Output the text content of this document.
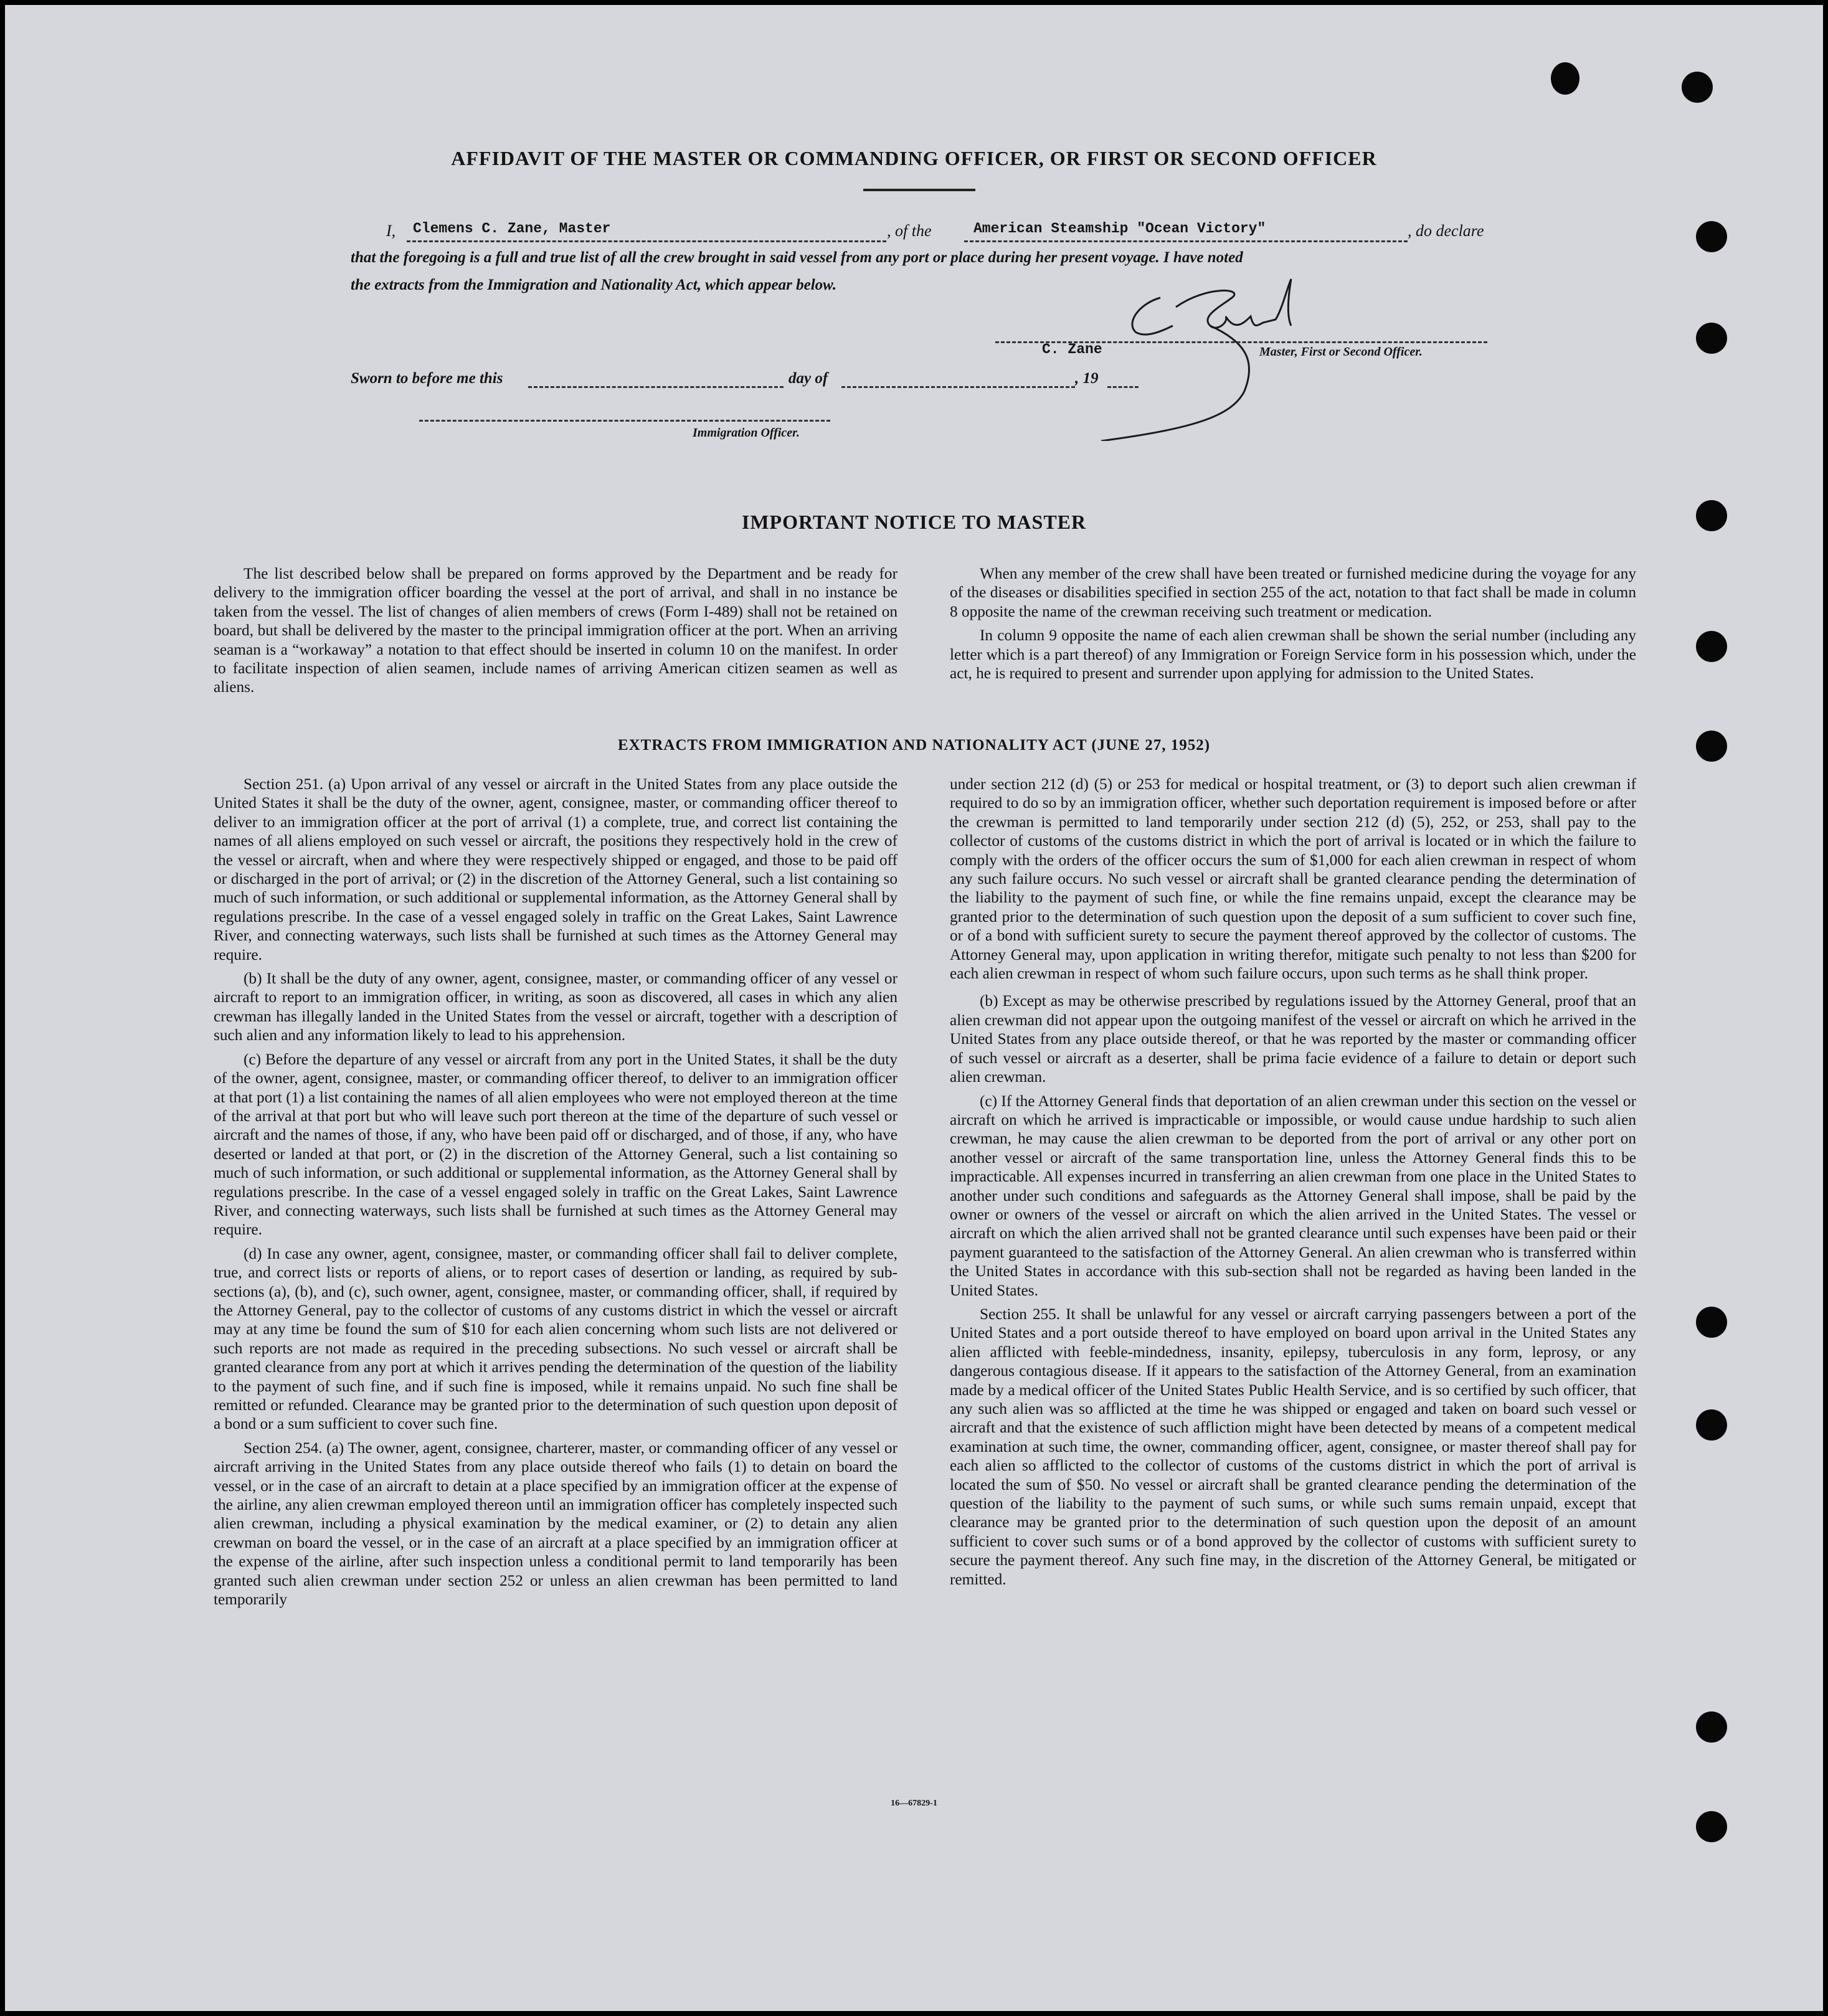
AFFIDAVIT OF THE MASTER OR COMMANDING OFFICER, OR FIRST OR SECOND OFFICER
I, Clemens C. Zane, Master	, of the	American Steamship "Ocean Victory"	, do declare
that the foregoing is a full and true list of all the crew brought in said vessel from any port or place during her present voyage. I have noted
the extracts from the Immigration and Nationality Act, which appear below.
C. Zane	Master, First or Second Officer.
Sworn to before me this	day of	, 19
Immigration Officer.
IMPORTANT NOTICE TO MASTER

The list described below shall be prepared on forms approved by the Department and be ready for delivery to the immigration officer boarding the vessel at the port of arrival, and shall in no instance be taken from the vessel. The list of changes of alien members of crews (Form I-489) shall not be retained on board, but shall be delivered by the master to the principal immigration officer at the port. When an arriving seaman is a “workaway” a notation to that effect should be inserted in column 10 on the manifest. In order to facilitate inspection of alien seamen, include names of arriving American citizen seamen as well as aliens.

When any member of the crew shall have been treated or furnished medicine during the voyage for any of the diseases or disabilities specified in section 255 of the act, notation to that fact shall be made in column 8 opposite the name of the crewman receiving such treatment or medication.

In column 9 opposite the name of each alien crewman shall be shown the serial number (including any letter which is a part thereof) of any Immigration or Foreign Service form in his possession which, under the act, he is required to present and surrender upon applying for admission to the United States.

EXTRACTS FROM IMMIGRATION AND NATIONALITY ACT (JUNE 27, 1952)

Section 251. (a) Upon arrival of any vessel or aircraft in the United States from any place outside the United States it shall be the duty of the owner, agent, consignee, master, or commanding officer thereof to deliver to an immigration officer at the port of arrival (1) a complete, true, and correct list containing the names of all aliens employed on such vessel or aircraft, the positions they respectively hold in the crew of the vessel or aircraft, when and where they were respectively shipped or engaged, and those to be paid off or discharged in the port of arrival; or (2) in the discretion of the Attorney General, such a list containing so much of such information, or such additional or supplemental information, as the Attorney General shall by regulations prescribe. In the case of a vessel engaged solely in traffic on the Great Lakes, Saint Lawrence River, and connecting waterways, such lists shall be furnished at such times as the Attorney General may require.

(b) It shall be the duty of any owner, agent, consignee, master, or commanding officer of any vessel or aircraft to report to an immigration officer, in writing, as soon as discovered, all cases in which any alien crewman has illegally landed in the United States from the vessel or aircraft, together with a description of such alien and any information likely to lead to his apprehension.

(c) Before the departure of any vessel or aircraft from any port in the United States, it shall be the duty of the owner, agent, consignee, master, or commanding officer thereof, to deliver to an immigration officer at that port (1) a list containing the names of all alien employees who were not employed thereon at the time of the arrival at that port but who will leave such port thereon at the time of the departure of such vessel or aircraft and the names of those, if any, who have been paid off or discharged, and of those, if any, who have deserted or landed at that port, or (2) in the discretion of the Attorney General, such a list containing so much of such information, or such additional or supplemental information, as the Attorney General shall by regulations prescribe. In the case of a vessel engaged solely in traffic on the Great Lakes, Saint Lawrence River, and connecting waterways, such lists shall be furnished at such times as the Attorney General may require.

(d) In case any owner, agent, consignee, master, or commanding officer shall fail to deliver complete, true, and correct lists or reports of aliens, or to report cases of desertion or landing, as required by sub-sections (a), (b), and (c), such owner, agent, consignee, master, or commanding officer, shall, if required by the Attorney General, pay to the collector of customs of any customs district in which the vessel or aircraft may at any time be found the sum of $10 for each alien concerning whom such lists are not delivered or such reports are not made as required in the preceding subsections. No such vessel or aircraft shall be granted clearance from any port at which it arrives pending the determination of the question of the liability to the payment of such fine, and if such fine is imposed, while it remains unpaid. No such fine shall be remitted or refunded. Clearance may be granted prior to the determination of such question upon deposit of a bond or a sum sufficient to cover such fine.

Section 254. (a) The owner, agent, consignee, charterer, master, or commanding officer of any vessel or aircraft arriving in the United States from any place outside thereof who fails (1) to detain on board the vessel, or in the case of an aircraft to detain at a place specified by an immigration officer at the expense of the airline, any alien crewman employed thereon until an immigration officer has completely inspected such alien crewman, including a physical examination by the medical examiner, or (2) to detain any alien crewman on board the vessel, or in the case of an aircraft at a place specified by an immigration officer at the expense of the airline, after such inspection unless a conditional permit to land temporarily has been granted such alien crewman under section 252 or unless an alien crewman has been permitted to land temporarily

under section 212 (d) (5) or 253 for medical or hospital treatment, or (3) to deport such alien crewman if required to do so by an immigration officer, whether such deportation requirement is imposed before or after the crewman is permitted to land temporarily under section 212 (d) (5), 252, or 253, shall pay to the collector of customs of the customs district in which the port of arrival is located or in which the failure to comply with the orders of the officer occurs the sum of $1,000 for each alien crewman in respect of whom any such failure occurs. No such vessel or aircraft shall be granted clearance pending the determination of the liability to the payment of such fine, or while the fine remains unpaid, except the clearance may be granted prior to the determination of such question upon the deposit of a sum sufficient to cover such fine, or of a bond with sufficient surety to secure the payment thereof approved by the collector of customs. The Attorney General may, upon application in writing therefor, mitigate such penalty to not less than $200 for each alien crewman in respect of whom such failure occurs, upon such terms as he shall think proper.

(b) Except as may be otherwise prescribed by regulations issued by the Attorney General, proof that an alien crewman did not appear upon the outgoing manifest of the vessel or aircraft on which he arrived in the United States from any place outside thereof, or that he was reported by the master or commanding officer of such vessel or aircraft as a deserter, shall be prima facie evidence of a failure to detain or deport such alien crewman.

(c) If the Attorney General finds that deportation of an alien crewman under this section on the vessel or aircraft on which he arrived is impracticable or impossible, or would cause undue hardship to such alien crewman, he may cause the alien crewman to be deported from the port of arrival or any other port on another vessel or aircraft of the same transportation line, unless the Attorney General finds this to be impracticable. All expenses incurred in transferring an alien crewman from one place in the United States to another under such conditions and safeguards as the Attorney General shall impose, shall be paid by the owner or owners of the vessel or aircraft on which the alien arrived in the United States. The vessel or aircraft on which the alien arrived shall not be granted clearance until such expenses have been paid or their payment guaranteed to the satisfaction of the Attorney General. An alien crewman who is transferred within the United States in accordance with this sub-section shall not be regarded as having been landed in the United States.

Section 255. It shall be unlawful for any vessel or aircraft carrying passengers between a port of the United States and a port outside thereof to have employed on board upon arrival in the United States any alien afflicted with feeble-mindedness, insanity, epilepsy, tuberculosis in any form, leprosy, or any dangerous contagious disease. If it appears to the satisfaction of the Attorney General, from an examination made by a medical officer of the United States Public Health Service, and is so certified by such officer, that any such alien was so afflicted at the time he was shipped or engaged and taken on board such vessel or aircraft and that the existence of such affliction might have been detected by means of a competent medical examination at such time, the owner, commanding officer, agent, consignee, or master thereof shall pay for each alien so afflicted to the collector of customs of the customs district in which the port of arrival is located the sum of $50. No vessel or aircraft shall be granted clearance pending the determination of the question of the liability to the payment of such sums, or while such sums remain unpaid, except that clearance may be granted prior to the determination of such question upon the deposit of an amount sufficient to cover such sums or of a bond approved by the collector of customs with sufficient surety to secure the payment thereof. Any such fine may, in the discretion of the Attorney General, be mitigated or remitted.

16—67829-1
